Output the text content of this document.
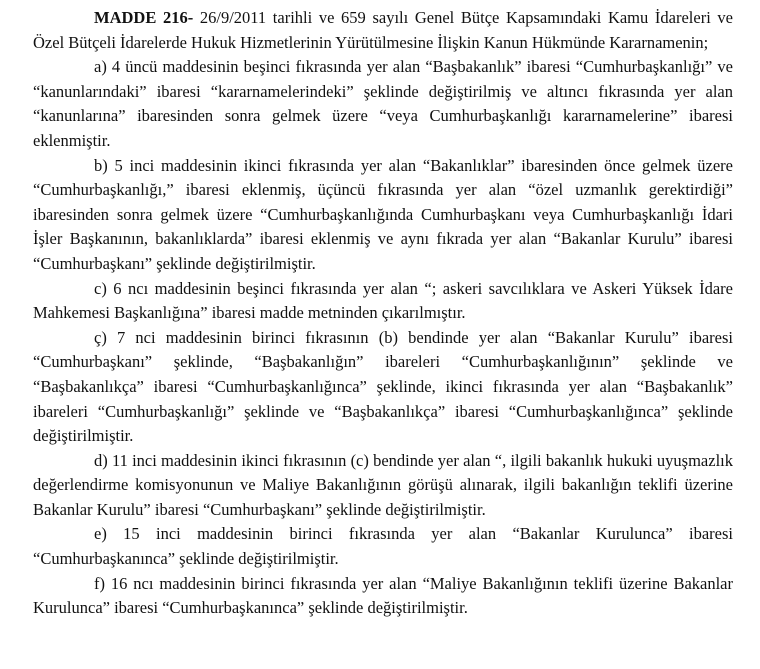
MADDE 216- 26/9/2011 tarihli ve 659 sayılı Genel Bütçe Kapsamındaki Kamu İdareleri ve Özel Bütçeli İdarelerde Hukuk Hizmetlerinin Yürütülmesine İlişkin Kanun Hükmünde Kararnamenin;

a) 4 üncü maddesinin beşinci fıkrasında yer alan “Başbakanlık” ibaresi “Cumhurbaşkanlığı” ve “kanunlarındaki” ibaresi “kararnamelerindeki” şeklinde değiştirilmiş ve altıncı fıkrasında yer alan “kanunlarına” ibaresinden sonra gelmek üzere “veya Cumhurbaşkanlığı kararnamelerine” ibaresi eklenmiştir.

b) 5 inci maddesinin ikinci fıkrasında yer alan “Bakanlıklar” ibaresinden önce gelmek üzere “Cumhurbaşkanlığı,” ibaresi eklenmiş, üçüncü fıkrasında yer alan “özel uzmanlık gerektirdiği” ibaresinden sonra gelmek üzere “Cumhurbaşkanlığında Cumhurbaşkanı veya Cumhurbaşkanlığı İdari İşler Başkanının, bakanlıklarda” ibaresi eklenmiş ve aynı fıkrada yer alan “Bakanlar Kurulu” ibaresi “Cumhurbaşkanı” şeklinde değiştirilmiştir.

c) 6 ncı maddesinin beşinci fıkrasında yer alan “; askeri savcılıklara ve Askeri Yüksek İdare Mahkemesi Başkanlığına” ibaresi madde metninden çıkarılmıştır.

ç) 7 nci maddesinin birinci fıkrasının (b) bendinde yer alan “Bakanlar Kurulu” ibaresi “Cumhurbaşkanı” şeklinde, “Başbakanlığın” ibareleri “Cumhurbaşkanlığının” şeklinde ve “Başbakanlıkça” ibaresi “Cumhurbaşkanlığınca” şeklinde, ikinci fıkrasında yer alan “Başbakanlık” ibareleri “Cumhurbaşkanlığı” şeklinde ve “Başbakanlıkça” ibaresi “Cumhurbaşkanlığınca” şeklinde değiştirilmiştir.

d) 11 inci maddesinin ikinci fıkrasının (c) bendinde yer alan “, ilgili bakanlık hukuki uyuşmazlık değerlendirme komisyonunun ve Maliye Bakanlığının görüşü alınarak, ilgili bakanlığın teklifi üzerine Bakanlar Kurulu” ibaresi “Cumhurbaşkanı” şeklinde değiştirilmiştir.

e) 15 inci maddesinin birinci fıkrasında yer alan “Bakanlar Kurulunca” ibaresi “Cumhurbaşkanınca” şeklinde değiştirilmiştir.

f) 16 ncı maddesinin birinci fıkrasında yer alan “Maliye Bakanlığının teklifi üzerine Bakanlar Kurulunca” ibaresi “Cumhurbaşkanınca” şeklinde değiştirilmiştir.
